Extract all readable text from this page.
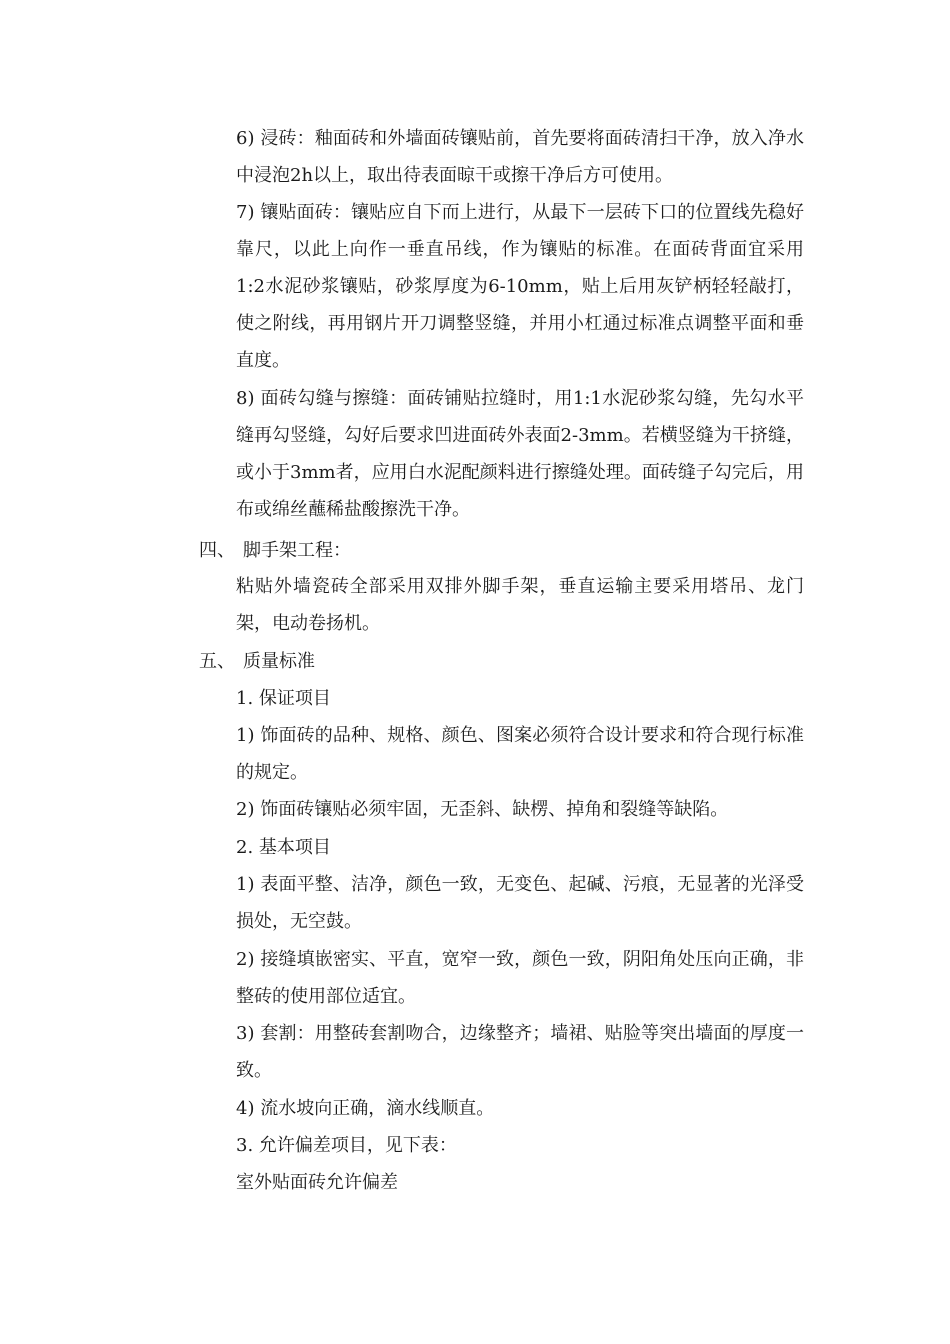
6) 浸砖：釉面砖和外墙面砖镶贴前，首先要将面砖清扫干净，放入净水中浸泡2h以上，取出待表面晾干或擦干净后方可使用。

7) 镶贴面砖：镶贴应自下而上进行，从最下一层砖下口的位置线先稳好靠尺，以此上向作一垂直吊线，作为镶贴的标准。在面砖背面宜采用1:2水泥砂浆镶贴，砂浆厚度为6-10mm，贴上后用灰铲柄轻轻敲打，使之附线，再用钢片开刀调整竖缝，并用小杠通过标准点调整平面和垂直度。

8) 面砖勾缝与擦缝：面砖铺贴拉缝时，用1:1水泥砂浆勾缝，先勾水平缝再勾竖缝，勾好后要求凹进面砖外表面2-3mm。若横竖缝为干挤缝，或小于3mm者，应用白水泥配颜料进行擦缝处理。面砖缝子勾完后，用布或绵丝蘸稀盐酸擦洗干净。

四、 脚手架工程：

粘贴外墙瓷砖全部采用双排外脚手架，垂直运输主要采用塔吊、龙门架，电动卷扬机。

五、 质量标准

1. 保证项目

1) 饰面砖的品种、规格、颜色、图案必须符合设计要求和符合现行标准的规定。

2) 饰面砖镶贴必须牢固，无歪斜、缺楞、掉角和裂缝等缺陷。

2. 基本项目

1) 表面平整、洁净，颜色一致，无变色、起碱、污痕，无显著的光泽受损处，无空鼓。

2) 接缝填嵌密实、平直，宽窄一致，颜色一致，阴阳角处压向正确，非整砖的使用部位适宜。

3) 套割：用整砖套割吻合，边缘整齐；墙裙、贴脸等突出墙面的厚度一致。

4) 流水坡向正确，滴水线顺直。

3. 允许偏差项目，见下表：

室外贴面砖允许偏差
